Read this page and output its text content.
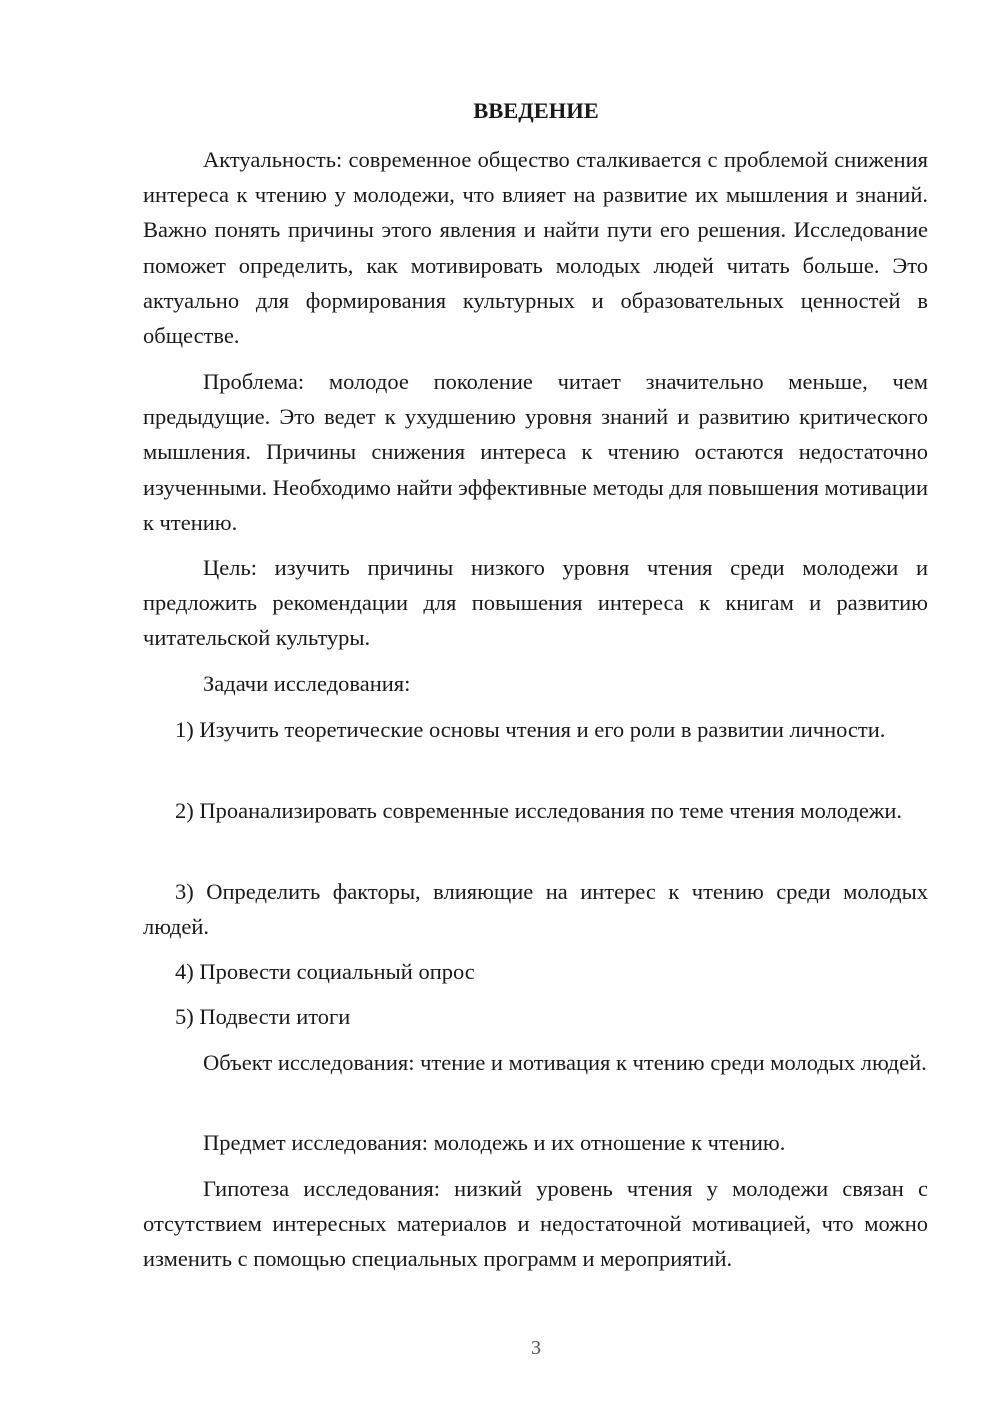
ВВЕДЕНИЕ

Актуальность: современное общество сталкивается с проблемой снижения интереса к чтению у молодежи, что влияет на развитие их мышления и знаний. Важно понять причины этого явления и найти пути его решения. Исследование поможет определить, как мотивировать молодых людей читать больше. Это актуально для формирования культурных и образовательных ценностей в обществе.

Проблема: молодое поколение читает значительно меньше, чем предыдущие. Это ведет к ухудшению уровня знаний и развитию критического мышления. Причины снижения интереса к чтению остаются недостаточно изученными. Необходимо найти эффективные методы для повышения мотивации к чтению.

Цель: изучить причины низкого уровня чтения среди молодежи и предложить рекомендации для повышения интереса к книгам и развитию читательской культуры.

Задачи исследования:

1) Изучить теоретические основы чтения и его роли в развитии личности.

2) Проанализировать современные исследования по теме чтения молодежи.

3) Определить факторы, влияющие на интерес к чтению среди молодых людей.

4) Провести социальный опрос

5) Подвести итоги

Объект исследования: чтение и мотивация к чтению среди молодых людей.

Предмет исследования: молодежь и их отношение к чтению.

Гипотеза исследования: низкий уровень чтения у молодежи связан с отсутствием интересных материалов и недостаточной мотивацией, что можно изменить с помощью специальных программ и мероприятий.

3
